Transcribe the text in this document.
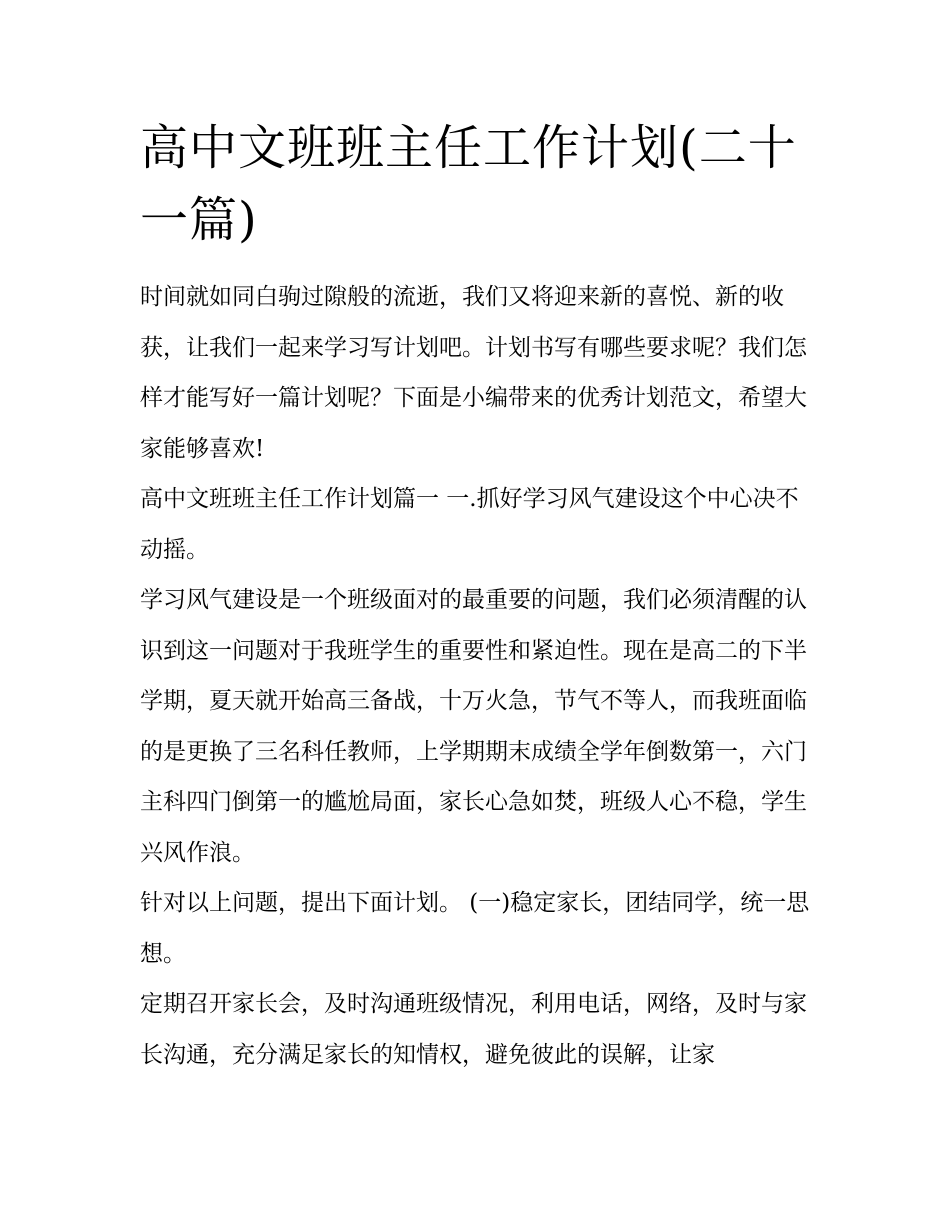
高中文班班主任工作计划(二十一篇)

时间就如同白驹过隙般的流逝，我们又将迎来新的喜悦、新的收获，让我们一起来学习写计划吧。计划书写有哪些要求呢？我们怎样才能写好一篇计划呢？下面是小编带来的优秀计划范文，希望大家能够喜欢!

高中文班班主任工作计划篇一 一.抓好学习风气建设这个中心决不动摇。

学习风气建设是一个班级面对的最重要的问题，我们必须清醒的认识到这一问题对于我班学生的重要性和紧迫性。现在是高二的下半学期，夏天就开始高三备战，十万火急，节气不等人，而我班面临的是更换了三名科任教师，上学期期末成绩全学年倒数第一，六门主科四门倒第一的尴尬局面，家长心急如焚，班级人心不稳，学生兴风作浪。

针对以上问题，提出下面计划。 (一)稳定家长，团结同学，统一思想。

定期召开家长会，及时沟通班级情况，利用电话，网络，及时与家长沟通，充分满足家长的知情权，避免彼此的误解，让家
